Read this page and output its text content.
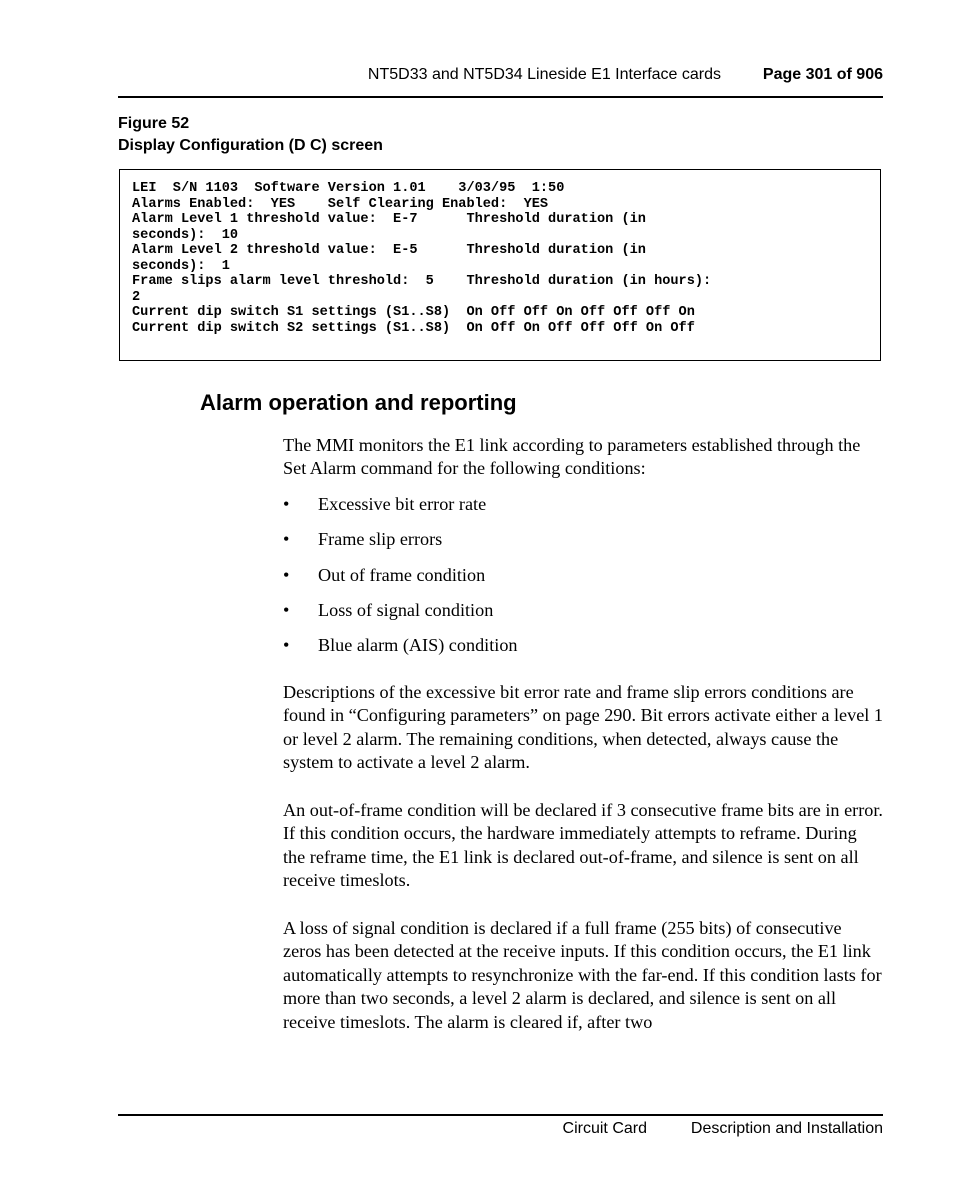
NT5D33 and NT5D34 Lineside E1 Interface cards	Page 301 of 906
Figure 52
Display Configuration (D C) screen
LEI  S/N 1103  Software Version 1.01    3/03/95  1:50
Alarms Enabled:  YES    Self Clearing Enabled:  YES
Alarm Level 1 threshold value:  E-7      Threshold duration (in
seconds):  10
Alarm Level 2 threshold value:  E-5      Threshold duration (in
seconds):  1
Frame slips alarm level threshold:  5    Threshold duration (in hours):
2
Current dip switch S1 settings (S1..S8)  On Off Off On Off Off Off On
Current dip switch S2 settings (S1..S8)  On Off On Off Off Off On Off
Alarm operation and reporting
The MMI monitors the E1 link according to parameters established through the Set Alarm command for the following conditions:
• Excessive bit error rate
• Frame slip errors
• Out of frame condition
• Loss of signal condition
• Blue alarm (AIS) condition
Descriptions of the excessive bit error rate and frame slip errors conditions are found in “Configuring parameters” on page 290. Bit errors activate either a level 1 or level 2 alarm. The remaining conditions, when detected, always cause the system to activate a level 2 alarm.
An out-of-frame condition will be declared if 3 consecutive frame bits are in error. If this condition occurs, the hardware immediately attempts to reframe. During the reframe time, the E1 link is declared out-of-frame, and silence is sent on all receive timeslots.
A loss of signal condition is declared if a full frame (255 bits) of consecutive zeros has been detected at the receive inputs. If this condition occurs, the E1 link automatically attempts to resynchronize with the far-end. If this condition lasts for more than two seconds, a level 2 alarm is declared, and silence is sent on all receive timeslots. The alarm is cleared if, after two
Circuit Card	Description and Installation
